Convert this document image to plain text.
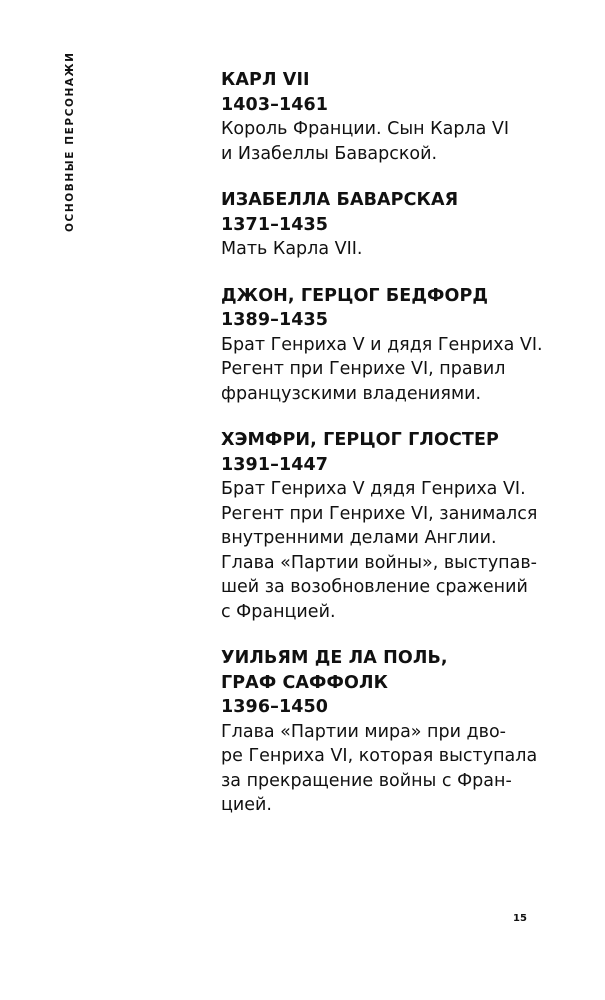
ОСНОВНЫЕ ПЕРСОНАЖИ	КАРЛ VII
1403–1461
Король Франции. Сын Карла VI
и Изабеллы Баварской.
ИЗАБЕЛЛА БАВАРСКАЯ
1371–1435
Мать Карла VII.
ДЖОН, ГЕРЦОГ БЕДФОРД
1389–1435
Брат Генриха V и дядя Генриха VI.
Регент при Генрихе VI, правил
французскими владениями.
ХЭМФРИ, ГЕРЦОГ ГЛОСТЕР
1391–1447
Брат Генриха V дядя Генриха VI.
Регент при Генрихе VI, занимался
внутренними делами Англии.
Глава «Партии войны», выступав-
шей за возобновление сражений
с Францией.
УИЛЬЯМ ДЕ ЛА ПОЛЬ,
ГРАФ САФФОЛК
1396–1450
Глава «Партии мира» при дво-
ре Генриха VI, которая выступала
за прекращение войны с Фран-
цией.
15
